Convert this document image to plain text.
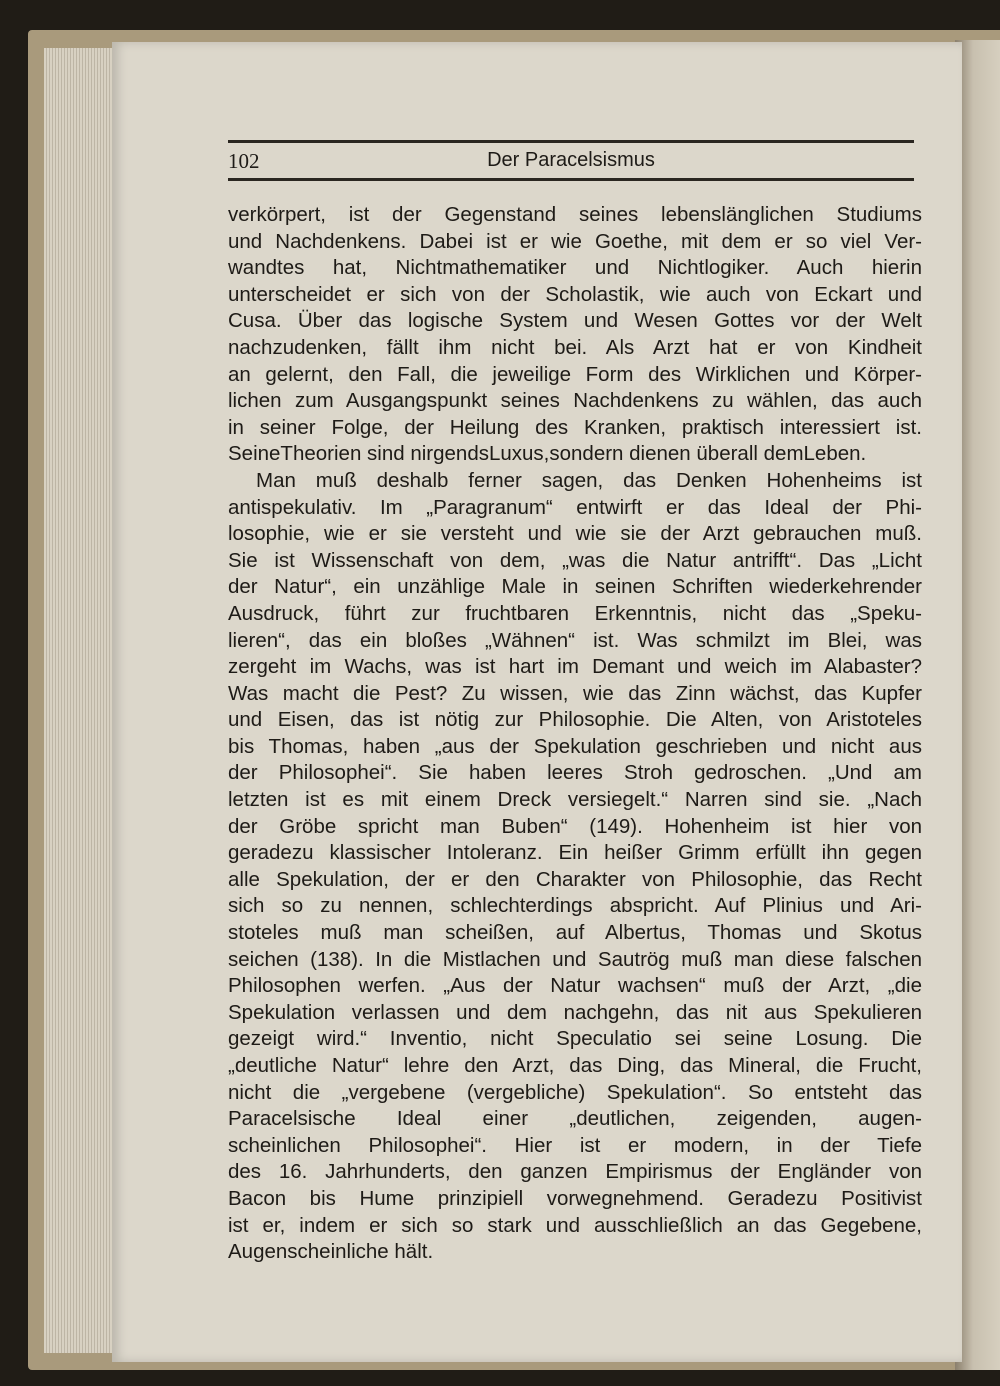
102	Der Paracelsismus
verkörpert, ist der Gegenstand seines lebenslänglichen Studiums
und Nachdenkens. Dabei ist er wie Goethe, mit dem er so viel Ver-
wandtes hat, Nichtmathematiker und Nichtlogiker. Auch hierin
unterscheidet er sich von der Scholastik, wie auch von Eckart und
Cusa. Über das logische System und Wesen Gottes vor der Welt
nachzudenken, fällt ihm nicht bei. Als Arzt hat er von Kindheit
an gelernt, den Fall, die jeweilige Form des Wirklichen und Körper-
lichen zum Ausgangspunkt seines Nachdenkens zu wählen, das auch
in seiner Folge, der Heilung des Kranken, praktisch interessiert ist.
SeineTheorien sind nirgendsLuxus,sondern dienen überall demLeben.
Man muß deshalb ferner sagen, das Denken Hohenheims ist
antispekulativ. Im „Paragranum“ entwirft er das Ideal der Phi-
losophie, wie er sie versteht und wie sie der Arzt gebrauchen muß.
Sie ist Wissenschaft von dem, „was die Natur antrifft“. Das „Licht
der Natur“, ein unzählige Male in seinen Schriften wiederkehrender
Ausdruck, führt zur fruchtbaren Erkenntnis, nicht das „Speku-
lieren“, das ein bloßes „Wähnen“ ist. Was schmilzt im Blei, was
zergeht im Wachs, was ist hart im Demant und weich im Alabaster?
Was macht die Pest? Zu wissen, wie das Zinn wächst, das Kupfer
und Eisen, das ist nötig zur Philosophie. Die Alten, von Aristoteles
bis Thomas, haben „aus der Spekulation geschrieben und nicht aus
der Philosophei“. Sie haben leeres Stroh gedroschen. „Und am
letzten ist es mit einem Dreck versiegelt.“ Narren sind sie. „Nach
der Gröbe spricht man Buben“ (149). Hohenheim ist hier von
geradezu klassischer Intoleranz. Ein heißer Grimm erfüllt ihn gegen
alle Spekulation, der er den Charakter von Philosophie, das Recht
sich so zu nennen, schlechterdings abspricht. Auf Plinius und Ari-
stoteles muß man scheißen, auf Albertus, Thomas und Skotus
seichen (138). In die Mistlachen und Sautrög muß man diese falschen
Philosophen werfen. „Aus der Natur wachsen“ muß der Arzt, „die
Spekulation verlassen und dem nachgehn, das nit aus Spekulieren
gezeigt wird.“ Inventio, nicht Speculatio sei seine Losung. Die
„deutliche Natur“ lehre den Arzt, das Ding, das Mineral, die Frucht,
nicht die „vergebene (vergebliche) Spekulation“. So entsteht das
Paracelsische Ideal einer „deutlichen, zeigenden, augen-
scheinlichen Philosophei“. Hier ist er modern, in der Tiefe
des 16. Jahrhunderts, den ganzen Empirismus der Engländer von
Bacon bis Hume prinzipiell vorwegnehmend. Geradezu Positivist
ist er, indem er sich so stark und ausschließlich an das Gegebene,
Augenscheinliche hält.
